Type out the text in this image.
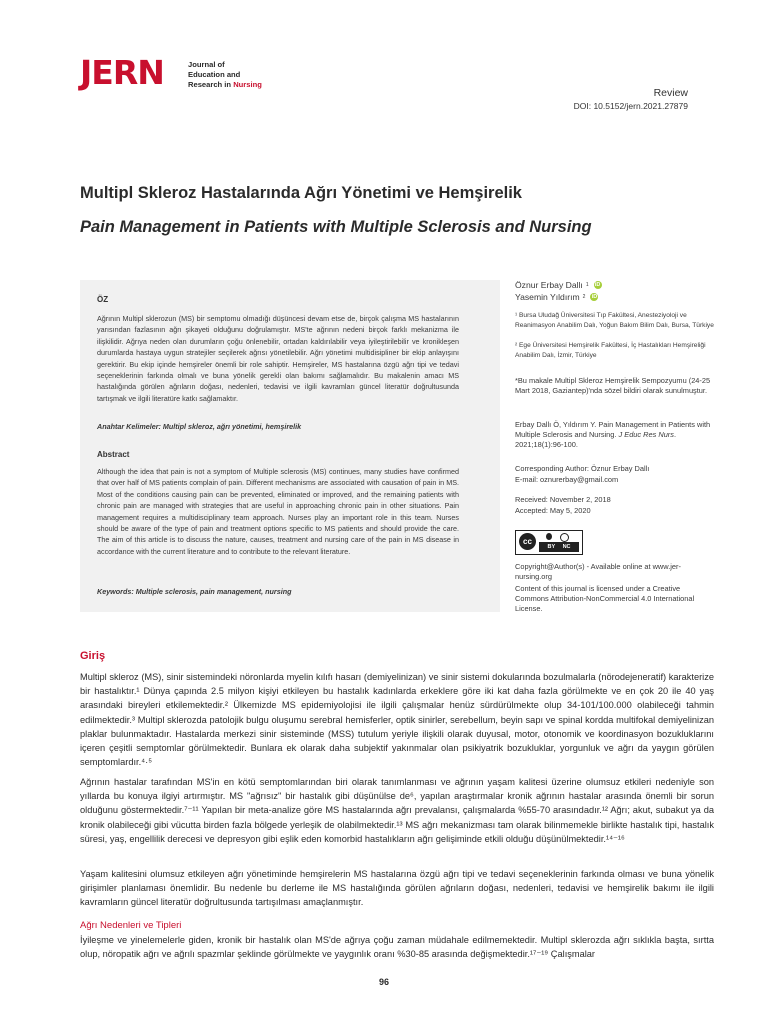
JERN	Journal of
Education and
Research in Nursing
Review
DOI: 10.5152/jern.2021.27879
Multipl Skleroz Hastalarında Ağrı Yönetimi ve Hemşirelik
Pain Management in Patients with Multiple Sclerosis and Nursing
ÖZ

Ağrının Multipl sklerozun (MS) bir semptomu olmadığı düşüncesi devam etse de, birçok çalışma MS hastalarının yarısından fazlasının ağrı şikayeti olduğunu doğrulamıştır. MS'te ağrının nedeni birçok farklı mekanizma ile ilişkilidir. Ağrıya neden olan durumların çoğu önlenebilir, ortadan kaldırılabilir veya iyileştirilebilir ve kronikleşen durumlarda hastaya uygun stratejiler seçilerek ağrısı yönetilebilir. Ağrı yönetimi multidisipliner bir ekip anlayışını gerektirir. Bu ekip içinde hemşireler önemli bir role sahiptir. Hemşireler, MS hastalarına özgü ağrı tipi ve tedavi seçeneklerinin farkında olmalı ve buna yönelik gerekli olan bakımı sağlamalıdır. Bu makalenin amacı MS hastalığında görülen ağrıların doğası, nedenleri, tedavisi ve ilgili kavramları güncel literatür doğrultusunda tartışmak ve ilgili literatüre katkı sağlamaktır.

Anahtar Kelimeler: Multipl skleroz, ağrı yönetimi, hemşirelik
Abstract

Although the idea that pain is not a symptom of Multiple sclerosis (MS) continues, many studies have confirmed that over half of MS patients complain of pain. Different mechanisms are associated with causation of pain in MS. Most of the conditions causing pain can be prevented, eliminated or improved, and the remaining patients with chronic pain are managed with strategies that are useful in approaching chronic pain in other situations. Pain management requires a multidisciplinary team approach. Nurses play an important role in this team. Nurses should be aware of the type of pain and treatment options specific to MS patients and should provide the care. The aim of this article is to discuss the nature, causes, treatment and nursing care of the pain in MS disease in accordance with the current literature and to contribute to the relevant literature.

Keywords: Multiple sclerosis, pain management, nursing
Öznur Erbay Dallı 1 iD
Yasemin Yıldırım 2 iD
¹ Bursa Uludağ Üniversitesi Tıp Fakültesi, Anesteziyoloji ve Reanimasyon Anabilim Dalı, Yoğun Bakım Bilim Dalı, Bursa, Türkiye
² Ege Üniversitesi Hemşirelik Fakültesi, İç Hastalıkları Hemşireliği Anabilim Dalı, İzmir, Türkiye

*Bu makale Multipl Skleroz Hemşirelik Sempozyumu (24-25 Mart 2018, Gaziantep)'nda sözel bildiri olarak sunulmuştur.

Erbay Dallı Ö, Yıldırım Y. Pain Management in Patients with Multiple Sclerosis and Nursing. J Educ Res Nurs. 2021;18(1):96-100.

Corresponding Author: Öznur Erbay Dallı

E-mail: oznurerbay@gmail.com

Received: November 2, 2018

Accepted: May 5, 2020

cc
BY NC

Copyright@Author(s) - Available online at www.jer-nursing.org

Content of this journal is licensed under a Creative Commons Attribution-NonCommercial 4.0 International License.

Giriş

Multipl skleroz (MS), sinir sistemindeki nöronlarda myelin kılıfı hasarı (demiyelinizan) ve sinir sistemi dokularında bozulmalarla (nörodejeneratif) karakterize bir hastalıktır.¹ Dünya çapında 2.5 milyon kişiyi etkileyen bu hastalık kadınlarda erkeklere göre iki kat daha fazla görülmekte ve en çok 20 ile 40 yaş arasındaki bireyleri etkilemektedir.² Ülkemizde MS epidemiyolojisi ile ilgili çalışmalar henüz sürdürülmekte olup 34-101/100.000 olabileceği tahmin edilmektedir.³ Multipl sklerozda patolojik bulgu oluşumu serebral hemisferler, optik sinirler, serebellum, beyin sapı ve spinal kordda multifokal demiyelinizan plaklar bulunmaktadır. Hastalarda merkezi sinir sisteminde (MSS) tutulum yeriyle ilişkili olarak duyusal, motor, otonomik ve koordinasyon bozukluklarını içeren çeşitli semptomlar görülmektedir. Bunlara ek olarak daha subjektif yakınmalar olan psikiyatrik bozukluklar, yorgunluk ve ağrı da yaygın görülen semptomlardır.⁴·⁵

Ağrının hastalar tarafından MS'in en kötü semptomlarından biri olarak tanımlanması ve ağrının yaşam kalitesi üzerine olumsuz etkileri nedeniyle son yıllarda bu konuya ilgiyi artırmıştır. MS "ağrısız" bir hastalık gibi düşünülse de⁶, yapılan araştırmalar kronik ağrının hastalar arasında önemli bir sorun olduğunu göstermektedir.⁷⁻¹¹ Yapılan bir meta-analize göre MS hastalarında ağrı prevalansı, çalışmalarda %55-70 arasındadır.¹² Ağrı; akut, subakut ya da kronik olabileceği gibi vücutta birden fazla bölgede yerleşik de olabilmektedir.¹³ MS ağrı mekanizması tam olarak bilinmemekle birlikte hastalık tipi, hastalık süresi, yaş, engellilik derecesi ve depresyon gibi eşlik eden komorbid hastalıkların ağrı gelişiminde etkili olduğu düşünülmektedir.¹⁴⁻¹⁶

Yaşam kalitesini olumsuz etkileyen ağrı yönetiminde hemşirelerin MS hastalarına özgü ağrı tipi ve tedavi seçeneklerinin farkında olması ve buna yönelik girişimler planlaması önemlidir. Bu nedenle bu derleme ile MS hastalığında görülen ağrıların doğası, nedenleri, tedavisi ve hemşirelik bakımı ile ilgili kavramların güncel literatür doğrultusunda tartışılması amaçlanmıştır.

Ağrı Nedenleri ve Tipleri

İyileşme ve yinelemelerle giden, kronik bir hastalık olan MS'de ağrıya çoğu zaman müdahale edilmemektedir. Multipl sklerozda ağrı sıklıkla başta, sırtta olup, nöropatik ağrı ve ağrılı spazmlar şeklinde görülmekte ve yaygınlık oranı %30-85 arasında değişmektedir.¹⁷⁻¹⁹ Çalışmalar

96
